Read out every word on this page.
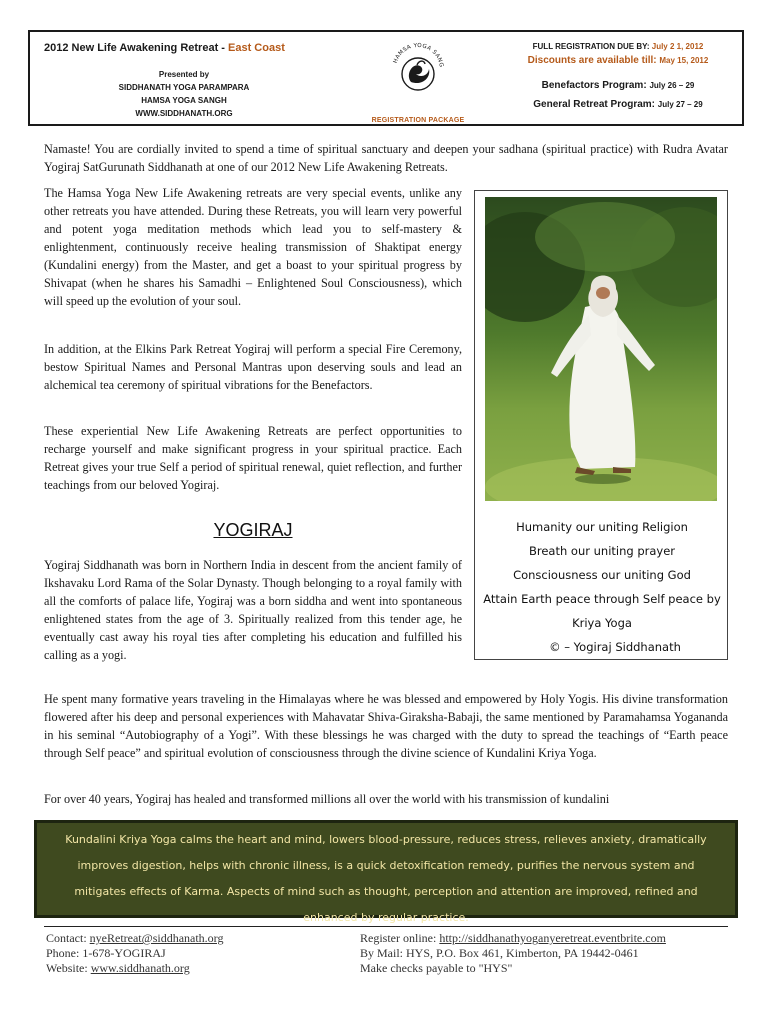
2012 New Life Awakening Retreat - East Coast
Presented by
SIDDHANATH YOGA PARAMPARA
HAMSA YOGA SANGH
WWW.SIDDHANATH.ORG
HAMSA YOGA SANG
REGISTRATION PACKAGE
FULL REGISTRATION DUE BY: July 2 1, 2012
Discounts are available till: May 15, 2012
Benefactors Program: July 26 – 29
General Retreat Program: July 27 – 29
Namaste! You are cordially invited to spend a time of spiritual sanctuary and deepen your sadhana (spiritual practice) with Rudra Avatar Yogiraj SatGurunath Siddhanath at one of our 2012 New Life Awakening Retreats.
The Hamsa Yoga New Life Awakening retreats are very special events, unlike any other retreats you have attended. During these Retreats, you will learn very powerful and potent yoga meditation methods which lead you to self-mastery & enlightenment, continuously receive healing transmission of Shaktipat energy (Kundalini energy) from the Master, and get a boast to your spiritual progress by Shivapat (when he shares his Samadhi – Enlightened Soul Consciousness), which will speed up the evolution of your soul.
In addition, at the Elkins Park Retreat Yogiraj will perform a special Fire Ceremony, bestow Spiritual Names and Personal Mantras upon deserving souls and lead an alchemical tea ceremony of spiritual vibrations for the Benefactors.
These experiential New Life Awakening Retreats are perfect opportunities to recharge yourself and make significant progress in your spiritual practice. Each Retreat gives your true Self a period of spiritual renewal, quiet reflection, and further teachings from our beloved Yogiraj.
YOGIRAJ
Yogiraj Siddhanath was born in Northern India in descent from the ancient family of Ikshavaku Lord Rama of the Solar Dynasty. Though belonging to a royal family with all the comforts of palace life, Yogiraj was a born siddha and went into spontaneous enlightened states from the age of 3. Spiritually realized from this tender age, he eventually cast away his royal ties after completing his education and fulfilled his calling as a yogi.
He spent many formative years traveling in the Himalayas where he was blessed and empowered by Holy Yogis. His divine transformation flowered after his deep and personal experiences with Mahavatar Shiva-Giraksha-Babaji, the same mentioned by Paramahamsa Yogananda in his seminal “Autobiography of a Yogi”. With these blessings he was charged with the duty to spread the teachings of “Earth peace through Self peace” and spiritual evolution of consciousness through the divine science of Kundalini Kriya Yoga.
For over 40 years, Yogiraj has healed and transformed millions all over the world with his transmission of kundalini
Humanity our uniting Religion
Breath our uniting prayer
Consciousness our uniting God
Attain Earth peace through Self peace by
Kriya Yoga
© – Yogiraj Siddhanath
Kundalini Kriya Yoga calms the heart and mind, lowers blood-pressure, reduces stress, relieves anxiety, dramatically improves digestion, helps with chronic illness, is a quick detoxification remedy, purifies the nervous system and mitigates effects of Karma. Aspects of mind such as thought, perception and attention are improved, refined and enhanced by regular practice.
Contact: nyeRetreat@siddhanath.org
Phone: 1-678-YOGIRAJ
Website: www.siddhanath.org
Register online: http://siddhanathyoganyeretreat.eventbrite.com
By Mail: HYS, P.O. Box 461, Kimberton, PA 19442-0461
Make checks payable to "HYS"
